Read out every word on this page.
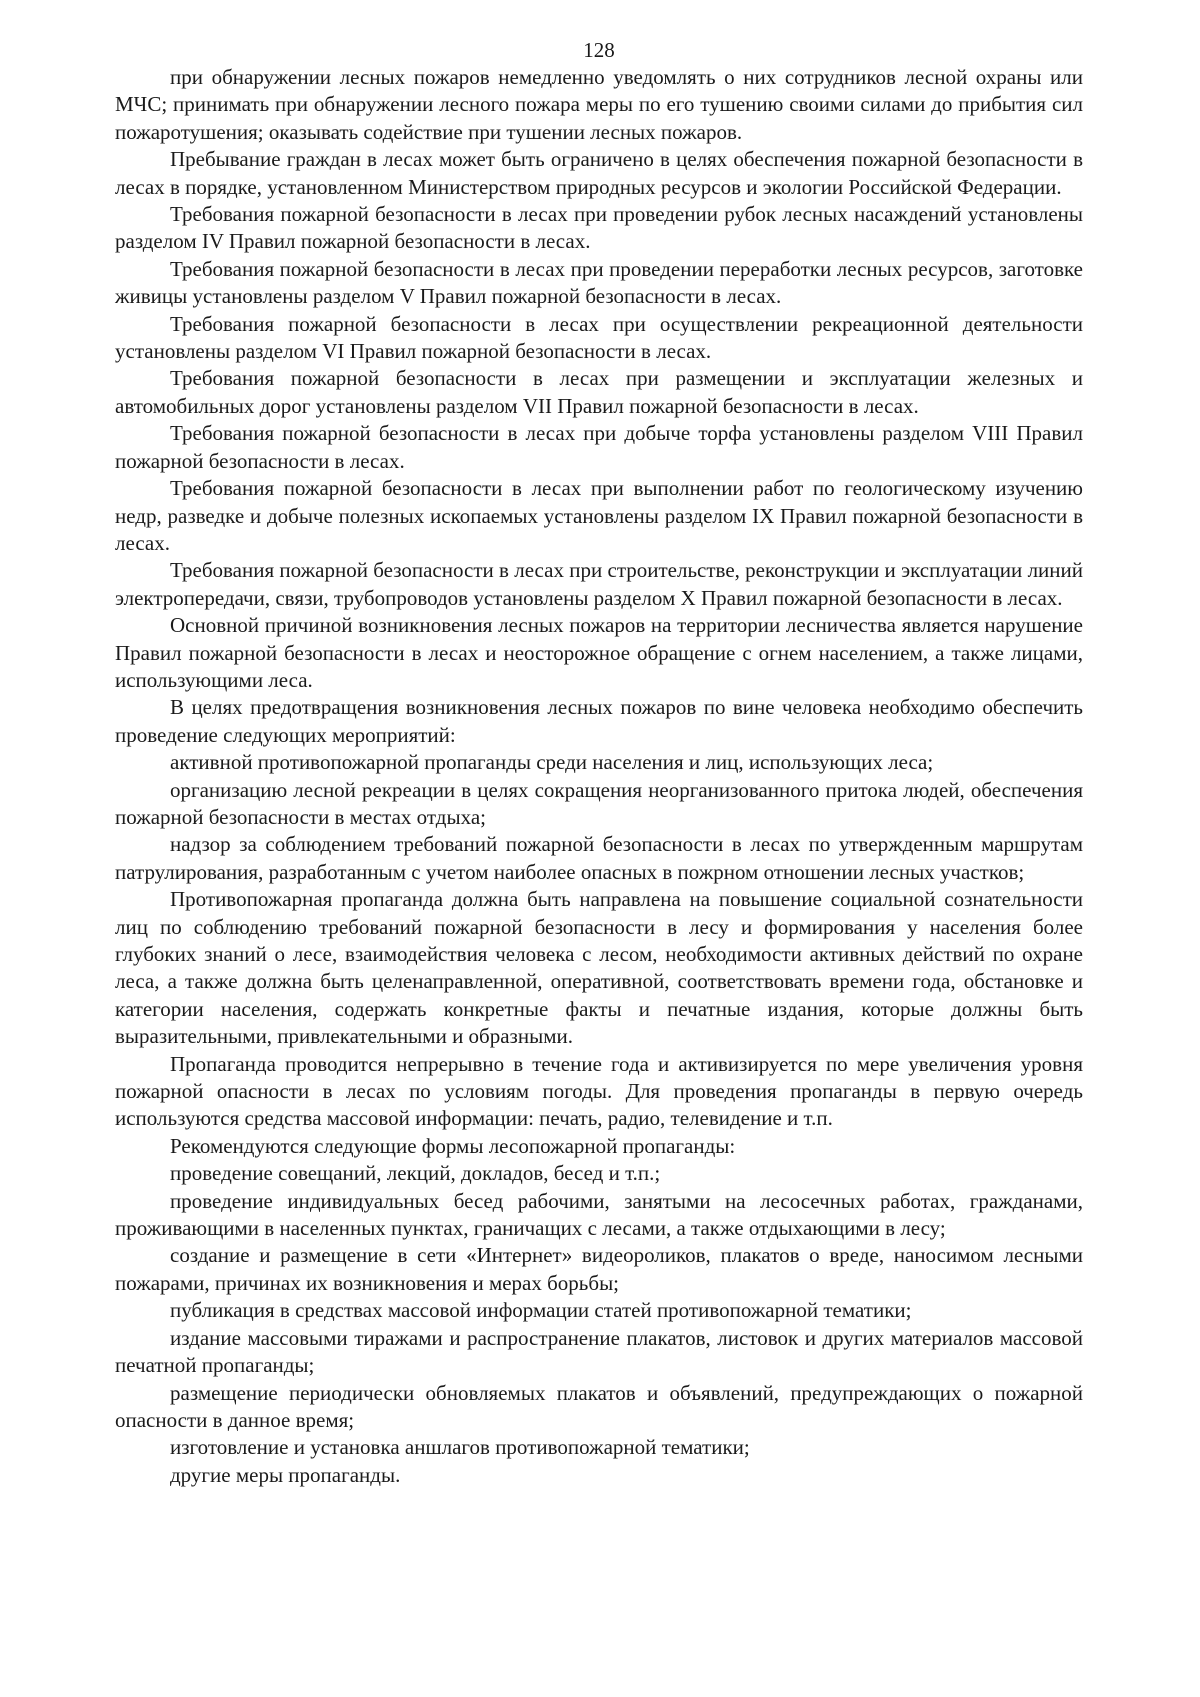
128

при обнаружении лесных пожаров немедленно уведомлять о них сотрудников лесной охраны или МЧС; принимать при обнаружении лесного пожара меры по его тушению своими силами до прибытия сил пожаротушения; оказывать содействие при тушении лесных пожаров.

Пребывание граждан в лесах может быть ограничено в целях обеспечения пожарной безопасности в лесах в порядке, установленном Министерством природных ресурсов и экологии Российской Федерации.

Требования пожарной безопасности в лесах при проведении рубок лесных насаждений установлены разделом IV Правил пожарной безопасности в лесах.

Требования пожарной безопасности в лесах при проведении переработки лесных ресурсов, заготовке живицы установлены разделом V Правил пожарной безопасности в лесах.

Требования пожарной безопасности в лесах при осуществлении рекреационной деятельности установлены разделом VI Правил пожарной безопасности в лесах.

Требования пожарной безопасности в лесах при размещении и эксплуатации железных и автомобильных дорог установлены разделом VII Правил пожарной безопасности в лесах.

Требования пожарной безопасности в лесах при добыче торфа установлены разделом VIII Правил пожарной безопасности в лесах.

Требования пожарной безопасности в лесах при выполнении работ по геологическому изучению недр, разведке и добыче полезных ископаемых установлены разделом IX Правил пожарной безопасности в лесах.

Требования пожарной безопасности в лесах при строительстве, реконструкции и эксплуатации линий электропередачи, связи, трубопроводов установлены разделом X Правил пожарной безопасности в лесах.

Основной причиной возникновения лесных пожаров на территории лесничества является нарушение Правил пожарной безопасности в лесах и неосторожное обращение с огнем населением, а также лицами, использующими леса.

В целях предотвращения возникновения лесных пожаров по вине человека необходимо обеспечить проведение следующих мероприятий:

активной противопожарной пропаганды среди населения и лиц, использующих леса;

организацию лесной рекреации в целях сокращения неорганизованного притока людей, обеспечения пожарной безопасности в местах отдыха;

надзор за соблюдением требований пожарной безопасности в лесах по утвержденным маршрутам патрулирования, разработанным с учетом наиболее опасных в пожрном отношении лесных участков;

Противопожарная пропаганда должна быть направлена на повышение социальной сознательности лиц по соблюдению требований пожарной безопасности в лесу и формирования у населения более глубоких знаний о лесе, взаимодействия человека с лесом, необходимости активных действий по охране леса, а также должна быть целенаправленной, оперативной, соответствовать времени года, обстановке и категории населения, содержать конкретные факты и печатные издания, которые должны быть выразительными, привлекательными и образными.

Пропаганда проводится непрерывно в течение года и активизируется по мере увеличения уровня пожарной опасности в лесах по условиям погоды. Для проведения пропаганды в первую очередь используются средства массовой информации: печать, радио, телевидение и т.п.

Рекомендуются следующие формы лесопожарной пропаганды:

проведение совещаний, лекций, докладов, бесед и т.п.;

проведение индивидуальных бесед рабочими, занятыми на лесосечных работах, гражданами, проживающими в населенных пунктах, граничащих с лесами, а также отдыхающими в лесу;

создание и размещение в сети «Интернет» видеороликов, плакатов о вреде, наносимом лесными пожарами, причинах их возникновения и мерах борьбы;

публикация в средствах массовой информации статей противопожарной тематики;

издание массовыми тиражами и распространение плакатов, листовок и других материалов массовой печатной пропаганды;

размещение периодически обновляемых плакатов и объявлений, предупреждающих о пожарной опасности в данное время;

изготовление и установка аншлагов противопожарной тематики;

другие меры пропаганды.
